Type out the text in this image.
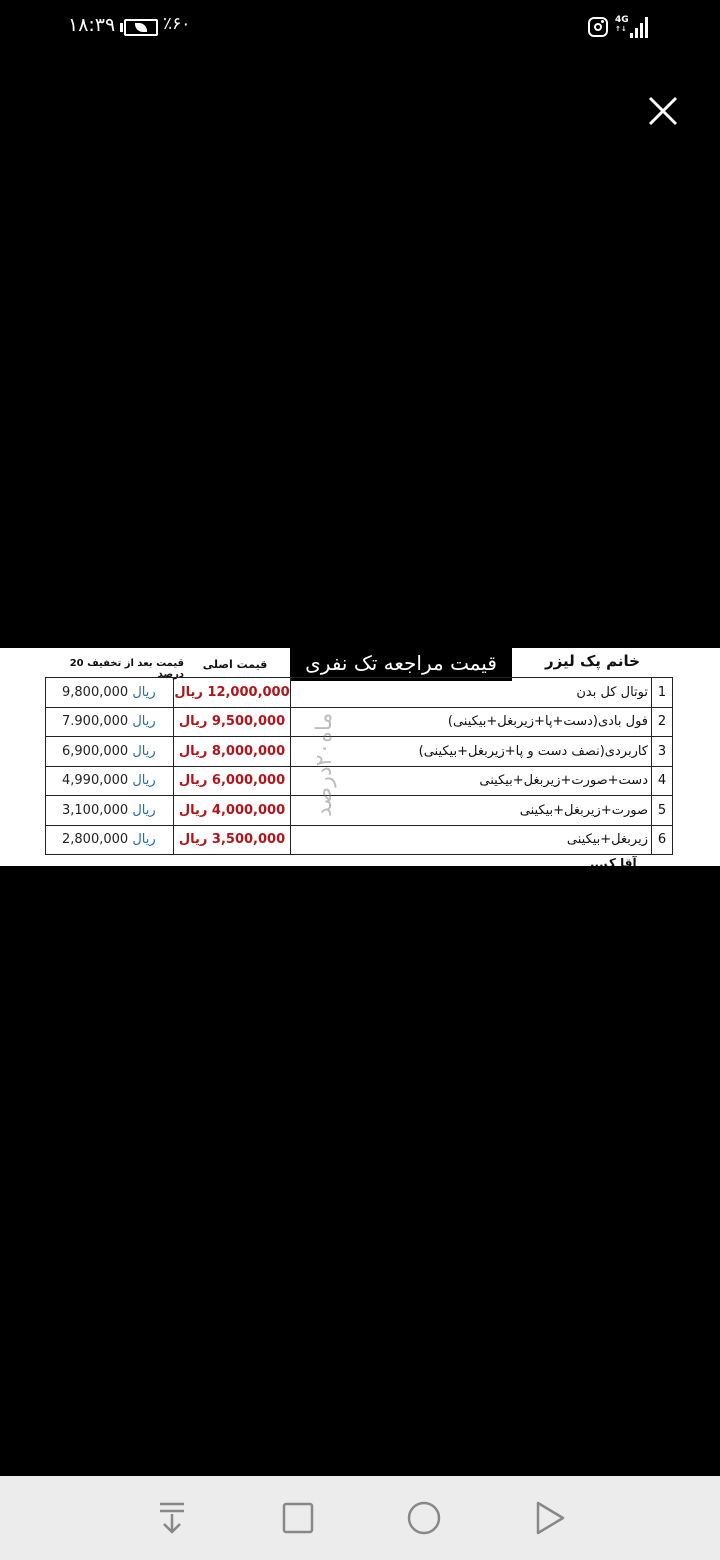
۱۸:۳۹	٪۶۰	4G
↑↓
خانم پک لیزر
قیمت مراجعه تک نفری
قیمت اصلی
قیمت بعد از تخفیف 20 درصد
ریال 9,800,000	12,000,000 ریال	توتال کل بدن	1
ریال 7.900,000	9,500,000 ریال	فول بادی(دست+پا+زیربغل+بیکینی)	2
ریال 6,900,000	8,000,000 ریال	کاربردی(نصف دست و پا+زیربغل+بیکینی)	3
ریال 4,990,000	6,000,000 ریال	دست+صورت+زیربغل+بیکینی	4
ریال 3,100,000	4,000,000 ریال	صورت+زیربغل+بیکینی	5
ریال 2,800,000	3,500,000 ریال	زیربغل+بیکینی	6
ماه۲۰درصد
آقا ک...
